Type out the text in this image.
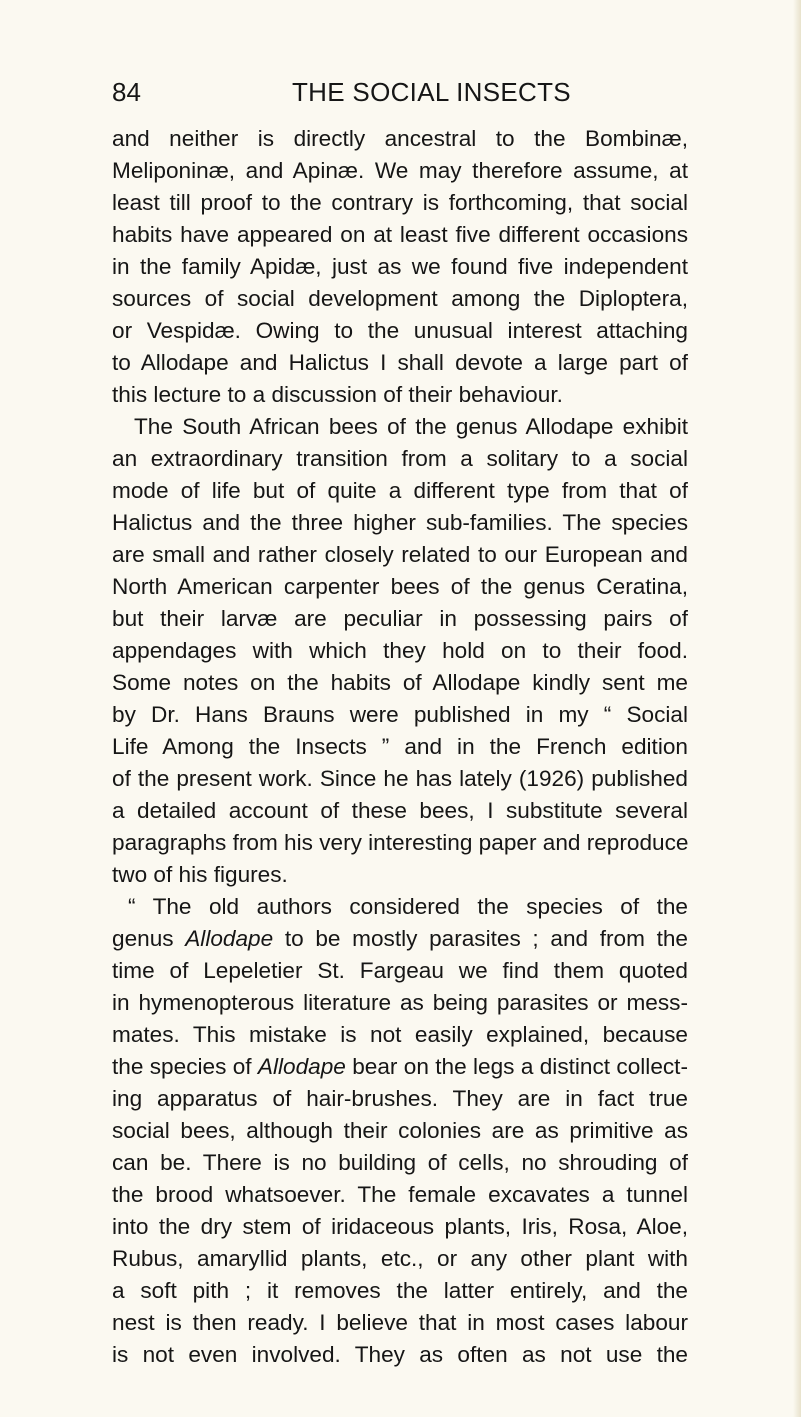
84	THE SOCIAL INSECTS
and neither is directly ancestral to the Bombinæ,
Meliponinæ, and Apinæ. We may therefore assume, at
least till proof to the contrary is forthcoming, that social
habits have appeared on at least five different occasions
in the family Apidæ, just as we found five independent
sources of social development among the Diploptera,
or Vespidæ. Owing to the unusual interest attaching
to Allodape and Halictus I shall devote a large part of
this lecture to a discussion of their behaviour.
The South African bees of the genus Allodape exhibit
an extraordinary transition from a solitary to a social
mode of life but of quite a different type from that of
Halictus and the three higher sub-families. The species
are small and rather closely related to our European and
North American carpenter bees of the genus Ceratina,
but their larvæ are peculiar in possessing pairs of
appendages with which they hold on to their food.
Some notes on the habits of Allodape kindly sent me
by Dr. Hans Brauns were published in my “ Social
Life Among the Insects ” and in the French edition
of the present work. Since he has lately (1926) published
a detailed account of these bees, I substitute several
paragraphs from his very interesting paper and reproduce
two of his figures.
“ The old authors considered the species of the
genus Allodape to be mostly parasites ; and from the
time of Lepeletier St. Fargeau we find them quoted
in hymenopterous literature as being parasites or mess-
mates. This mistake is not easily explained, because
the species of Allodape bear on the legs a distinct collect-
ing apparatus of hair-brushes. They are in fact true
social bees, although their colonies are as primitive as
can be. There is no building of cells, no shrouding of
the brood whatsoever. The female excavates a tunnel
into the dry stem of iridaceous plants, Iris, Rosa, Aloe,
Rubus, amaryllid plants, etc., or any other plant with
a soft pith ; it removes the latter entirely, and the
nest is then ready. I believe that in most cases labour
is not even involved. They as often as not use the
